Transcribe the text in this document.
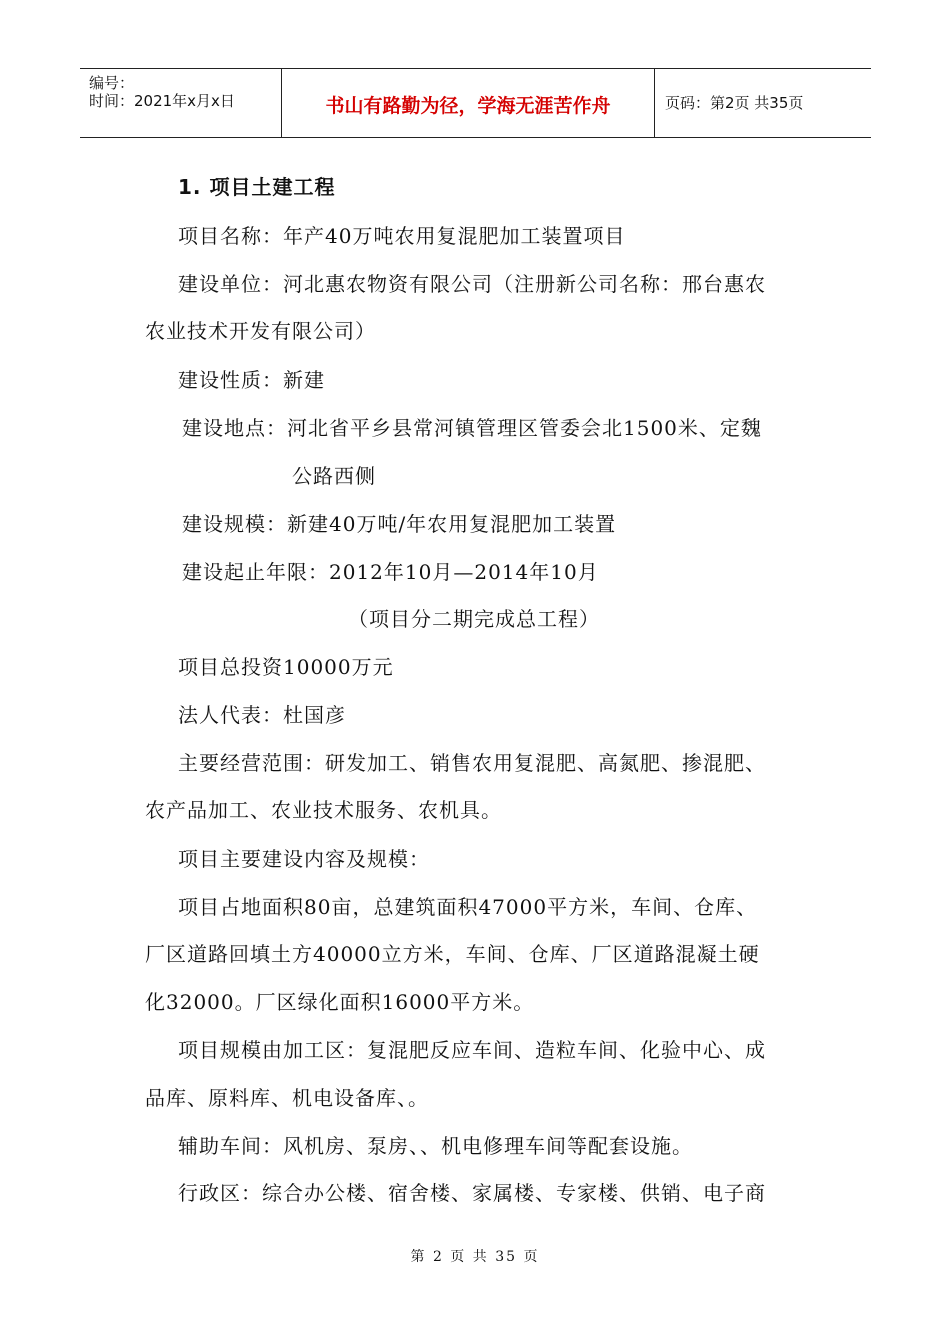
编号：
时间：2021年x月x日	书山有路勤为径，学海无涯苦作舟	页码：第2页 共35页
1. 项目土建工程
项目名称：年产40万吨农用复混肥加工装置项目
建设单位：河北惠农物资有限公司（注册新公司名称：邢台惠农
农业技术开发有限公司）
建设性质：新建
建设地点：河北省平乡县常河镇管理区管委会北1500米、定魏
公路西侧
建设规模：新建40万吨/年农用复混肥加工装置
建设起止年限：2012年10月—2014年10月
（项目分二期完成总工程）
项目总投资10000万元
法人代表：杜国彦
主要经营范围：研发加工、销售农用复混肥、高氮肥、掺混肥、
农产品加工、农业技术服务、农机具。
项目主要建设内容及规模：
项目占地面积80亩，总建筑面积47000平方米，车间、仓库、
厂区道路回填土方40000立方米，车间、仓库、厂区道路混凝土硬
化32000。厂区绿化面积16000平方米。
项目规模由加工区：复混肥反应车间、造粒车间、化验中心、成
品库、原料库、机电设备库、。
辅助车间：风机房、泵房、、机电修理车间等配套设施。
行政区：综合办公楼、宿舍楼、家属楼、专家楼、供销、电子商
第 2 页 共 35 页
